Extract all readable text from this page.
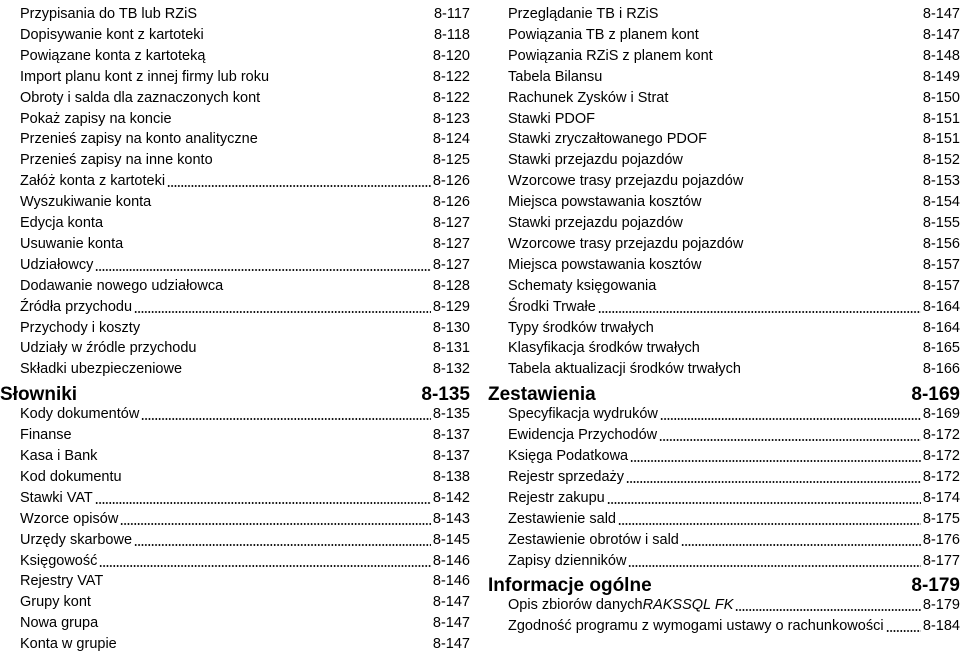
Przypisania do TB lub RZiS	8-117
Dopisywanie kont z kartoteki	8-118
Powiązane konta z kartoteką	8-120
Import planu kont z innej firmy lub roku	8-122
Obroty i salda dla zaznaczonych kont	8-122
Pokaż zapisy na koncie	8-123
Przenieś zapisy na konto analityczne	8-124
Przenieś zapisy na inne konto	8-125
Załóż konta z kartoteki	8-126
Wyszukiwanie konta	8-126
Edycja konta	8-127
Usuwanie konta	8-127
Udziałowcy	8-127
Dodawanie nowego udziałowca	8-128
Źródła przychodu	8-129
Przychody i koszty	8-130
Udziały w źródle przychodu	8-131
Składki ubezpieczeniowe	8-132
Słowniki	8-135
Kody dokumentów	8-135
Finanse	8-137
Kasa i Bank	8-137
Kod dokumentu	8-138
Stawki VAT	8-142
Wzorce opisów	8-143
Urzędy skarbowe	8-145
Księgowość	8-146
Rejestry VAT	8-146
Grupy kont	8-147
Nowa grupa	8-147
Konta w grupie	8-147
Przeglądanie TB i RZiS	8-147
Powiązania TB z planem kont	8-147
Powiązania RZiS z planem kont	8-148
Tabela Bilansu	8-149
Rachunek Zysków i Strat	8-150
Stawki PDOF	8-151
Stawki zryczałtowanego PDOF	8-151
Stawki przejazdu pojazdów	8-152
Wzorcowe trasy przejazdu pojazdów	8-153
Miejsca powstawania kosztów	8-154
Stawki przejazdu pojazdów	8-155
Wzorcowe trasy przejazdu pojazdów	8-156
Miejsca powstawania kosztów	8-157
Schematy księgowania	8-157
Środki Trwałe	8-164
Typy środków trwałych	8-164
Klasyfikacja środków trwałych	8-165
Tabela aktualizacji środków trwałych	8-166
Zestawienia	8-169
Specyfikacja wydruków	8-169
Ewidencja Przychodów	8-172
Księga Podatkowa	8-172
Rejestr sprzedaży	8-172
Rejestr zakupu	8-174
Zestawienie sald	8-175
Zestawienie obrotów i sald	8-176
Zapisy dzienników	8-177
Informacje ogólne	8-179
Opis zbiorów danych RAKSSQL FK	8-179
Zgodność programu z wymogami ustawy o rachunkowości	8-184
